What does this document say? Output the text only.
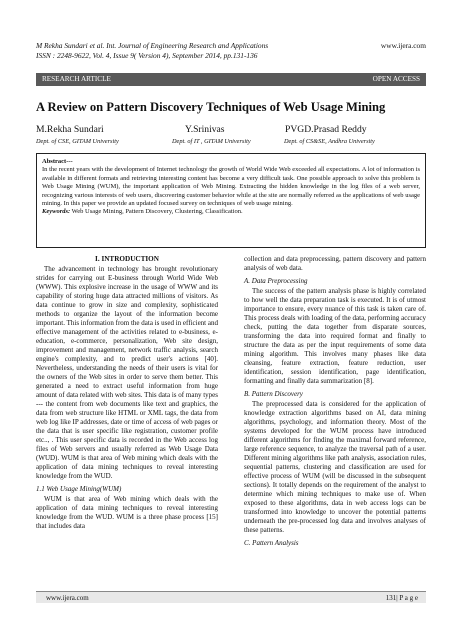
M Rekha Sundari et al. Int. Journal of Engineering Research and Applications
ISSN : 2248-9622, Vol. 4, Issue 9( Version 4), September 2014, pp.131-136
www.ijera.com
RESEARCH ARTICLE	OPEN ACCESS
A Review on Pattern Discovery Techniques of Web Usage Mining
M.Rekha Sundari	Y.Srinivas	PVGD.Prasad Reddy
Dept. of CSE, GITAM University	Dept. of IT , GITAM University	Dept. of CS&SE, Andhra University
Abstract---
In the recent years with the development of Internet technology the growth of World Wide Web exceeded all expectations. A lot of information is available in different formats and retrieving interesting content has become a very difficult task. One possible approach to solve this problem is Web Usage Mining (WUM), the important application of Web Mining. Extracting the hidden knowledge in the log files of a web server, recognizing various interests of web users, discovering customer behavior while at the site are normally referred as the applications of web usage mining. In this paper we provide an updated focused survey on techniques of web usage mining.
Keywords: Web Usage Mining, Pattern Discovery, Clustering, Classification.
I. INTRODUCTION

The advancement in technology has brought revolutionary strides for carrying out E-business through World Wide Web (WWW). This explosive increase in the usage of WWW and its capability of storing huge data attracted millions of visitors. As data continue to grow in size and complexity, sophisticated methods to organize the layout of the information become important. This information from the data is used in efficient and effective management of the activities related to e-business, e-education, e-commerce, personalization, Web site design, improvement and management, network traffic analysis, search engine's complexity, and to predict user's actions [40]. Nevertheless, understanding the needs of their users is vital for the owners of the Web sites in order to serve them better. This generated a need to extract useful information from huge amount of data related with web sites. This data is of many types --- the content from web documents like text and graphics, the data from web structure like HTML or XML tags, the data from web log like IP addresses, date or time of access of web pages or the data that is user specific like registration, customer profile etc.., . This user specific data is recorded in the Web access log files of Web servers and usually referred as Web Usage Data (WUD). WUM is that area of Web mining which deals with the application of data mining techniques to reveal interesting knowledge from the WUD.

1.1 Web Usage Mining(WUM)

WUM is that area of Web mining which deals with the application of data mining techniques to reveal interesting knowledge from the WUD. WUM is a three phase process [15] that includes data

collection and data preprocessing, pattern discovery and pattern analysis of web data.

A. Data Preprocessing

The success of the pattern analysis phase is highly correlated to how well the data preparation task is executed. It is of utmost importance to ensure, every nuance of this task is taken care of. This process deals with loading of the data, performing accuracy check, putting the data together from disparate sources, transforming the data into required format and finally to structure the data as per the input requirements of some data mining algorithm. This involves many phases like data cleansing, feature extraction, feature reduction, user identification, session identification, page identification, formatting and finally data summarization [8].

B. Pattern Discovery

The preprocessed data is considered for the application of knowledge extraction algorithms based on AI, data mining algorithms, psychology, and information theory. Most of the systems developed for the WUM process have introduced different algorithms for finding the maximal forward reference, large reference sequence, to analyze the traversal path of a user. Different mining algorithms like path analysis, association rules, sequential patterns, clustering and classification are used for effective process of WUM (will be discussed in the subsequent sections). It totally depends on the requirement of the analyst to determine which mining techniques to make use of. When exposed to these algorithms, data in web access logs can be transformed into knowledge to uncover the potential patterns underneath the pre-processed log data and involves analyses of these patterns.

C. Pattern Analysis
www.ijera.com	131| P a g e
